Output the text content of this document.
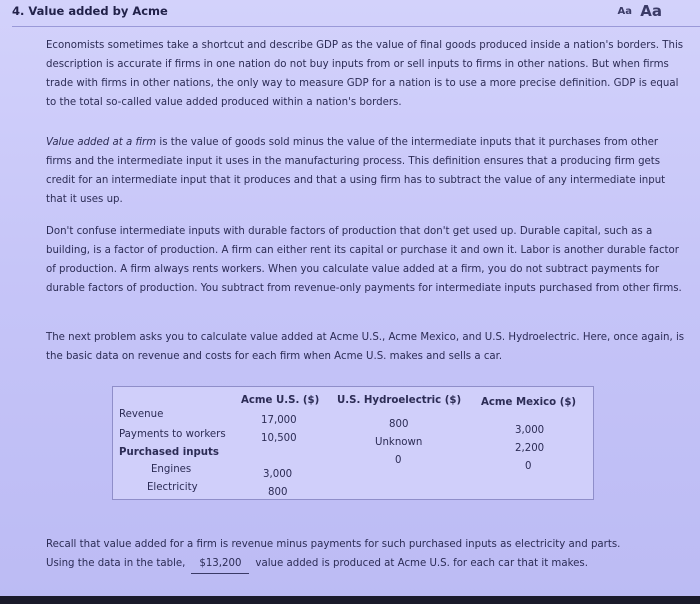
4. Value added by Acme	Aa Aa
Economists sometimes take a shortcut and describe GDP as the value of final goods produced inside a nation's borders. This description is accurate if firms in one nation do not buy inputs from or sell inputs to firms in other nations. But when firms trade with firms in other nations, the only way to measure GDP for a nation is to use a more precise definition. GDP is equal to the total so-called value added produced within a nation's borders.
Value added at a firm is the value of goods sold minus the value of the intermediate inputs that it purchases from other firms and the intermediate input it uses in the manufacturing process. This definition ensures that a producing firm gets credit for an intermediate input that it produces and that a using firm has to subtract the value of any intermediate input that it uses up.
Don't confuse intermediate inputs with durable factors of production that don't get used up. Durable capital, such as a building, is a factor of production. A firm can either rent its capital or purchase it and own it. Labor is another durable factor of production. A firm always rents workers. When you calculate value added at a firm, you do not subtract payments for durable factors of production. You subtract from revenue-only payments for intermediate inputs purchased from other firms.
The next problem asks you to calculate value added at Acme U.S., Acme Mexico, and U.S. Hydroelectric. Here, once again, is the basic data on revenue and costs for each firm when Acme U.S. makes and sells a car.
Acme U.S. ($) U.S. Hydroelectric ($) Acme Mexico ($)
Revenue
Payments to workers
Purchased inputs
Engines
Electricity
17,000
10,500
3,000
800
800
Unknown
0
3,000
2,200
0
Recall that value added for a firm is revenue minus payments for such purchased inputs as electricity and parts.
Using the data in the table, $13,200 value added is produced at Acme U.S. for each car that it makes.
